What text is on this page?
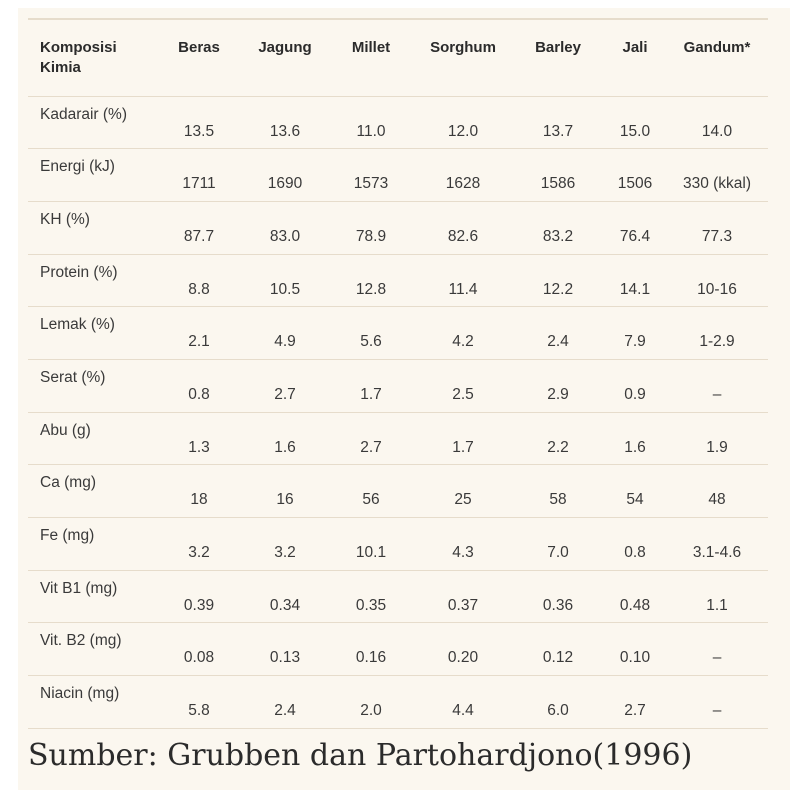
Komposisi
Kimia	Beras	Jagung	Millet	Sorghum	Barley	Jali	Gandum*
Kadarair (%)	13.5	13.6	11.0	12.0	13.7	15.0	14.0
Energi (kJ)	1711	1690	1573	1628	1586	1506	330 (kkal)
KH (%)	87.7	83.0	78.9	82.6	83.2	76.4	77.3
Protein (%)	8.8	10.5	12.8	11.4	12.2	14.1	10-16
Lemak (%)	2.1	4.9	5.6	4.2	2.4	7.9	1-2.9
Serat (%)	0.8	2.7	1.7	2.5	2.9	0.9	–
Abu (g)	1.3	1.6	2.7	1.7	2.2	1.6	1.9
Ca (mg)	18	16	56	25	58	54	48
Fe (mg)	3.2	3.2	10.1	4.3	7.0	0.8	3.1-4.6
Vit B1 (mg)	0.39	0.34	0.35	0.37	0.36	0.48	1.1
Vit. B2 (mg)	0.08	0.13	0.16	0.20	0.12	0.10	–
Niacin (mg)	5.8	2.4	2.0	4.4	6.0	2.7	–
Sumber: Grubben dan Partohardjono(1996)
